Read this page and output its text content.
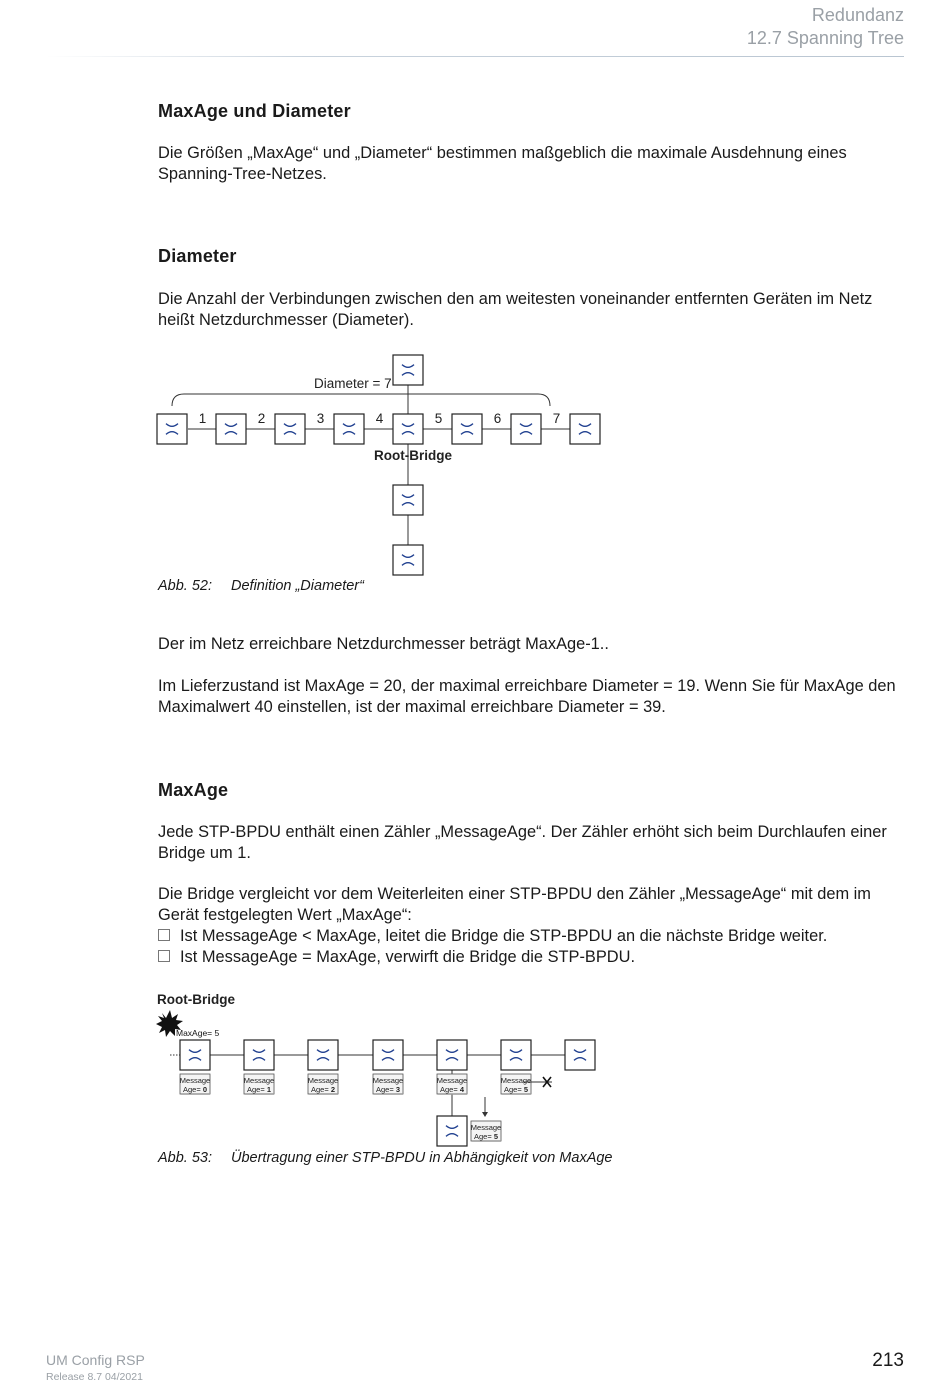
Redundanz
12.7 Spanning Tree
MaxAge und Diameter
Die Größen „MaxAge“ und „Diameter“ bestimmen maßgeblich die maximale Ausdehnung eines Spanning-Tree-Netzes.
Diameter
Die Anzahl der Verbindungen zwischen den am weitesten voneinander entfernten Geräten im Netz heißt Netzdurchmesser (Diameter).
Abb. 52: Definition „Diameter“
Der im Netz erreichbare Netzdurchmesser beträgt MaxAge-1..
Im Lieferzustand ist MaxAge = 20, der maximal erreichbare Diameter = 19. Wenn Sie für MaxAge den Maximalwert 40 einstellen, ist der maximal erreichbare Diameter = 39.
MaxAge
Jede STP-BPDU enthält einen Zähler „MessageAge“. Der Zähler erhöht sich beim Durchlaufen einer Bridge um 1.
Die Bridge vergleicht vor dem Weiterleiten einer STP-BPDU den Zähler „MessageAge“ mit dem im Gerät festgelegten Wert „MaxAge“:
Ist MessageAge < MaxAge, leitet die Bridge die STP-BPDU an die nächste Bridge weiter.
Ist MessageAge = MaxAge, verwirft die Bridge die STP-BPDU.
Abb. 53: Übertragung einer STP-BPDU in Abhängigkeit von MaxAge
Diameter = 7
1	2	3	4	5	6	7
Root-Bridge
Root-Bridge
MaxAge= 5
Message
Age= 0
Message
Age= 1
Message
Age= 2
Message
Age= 3
Message
Age= 4
Message
Age= 5
Message
Age= 5
UM Config RSP
Release 8.7 04/2021
213
